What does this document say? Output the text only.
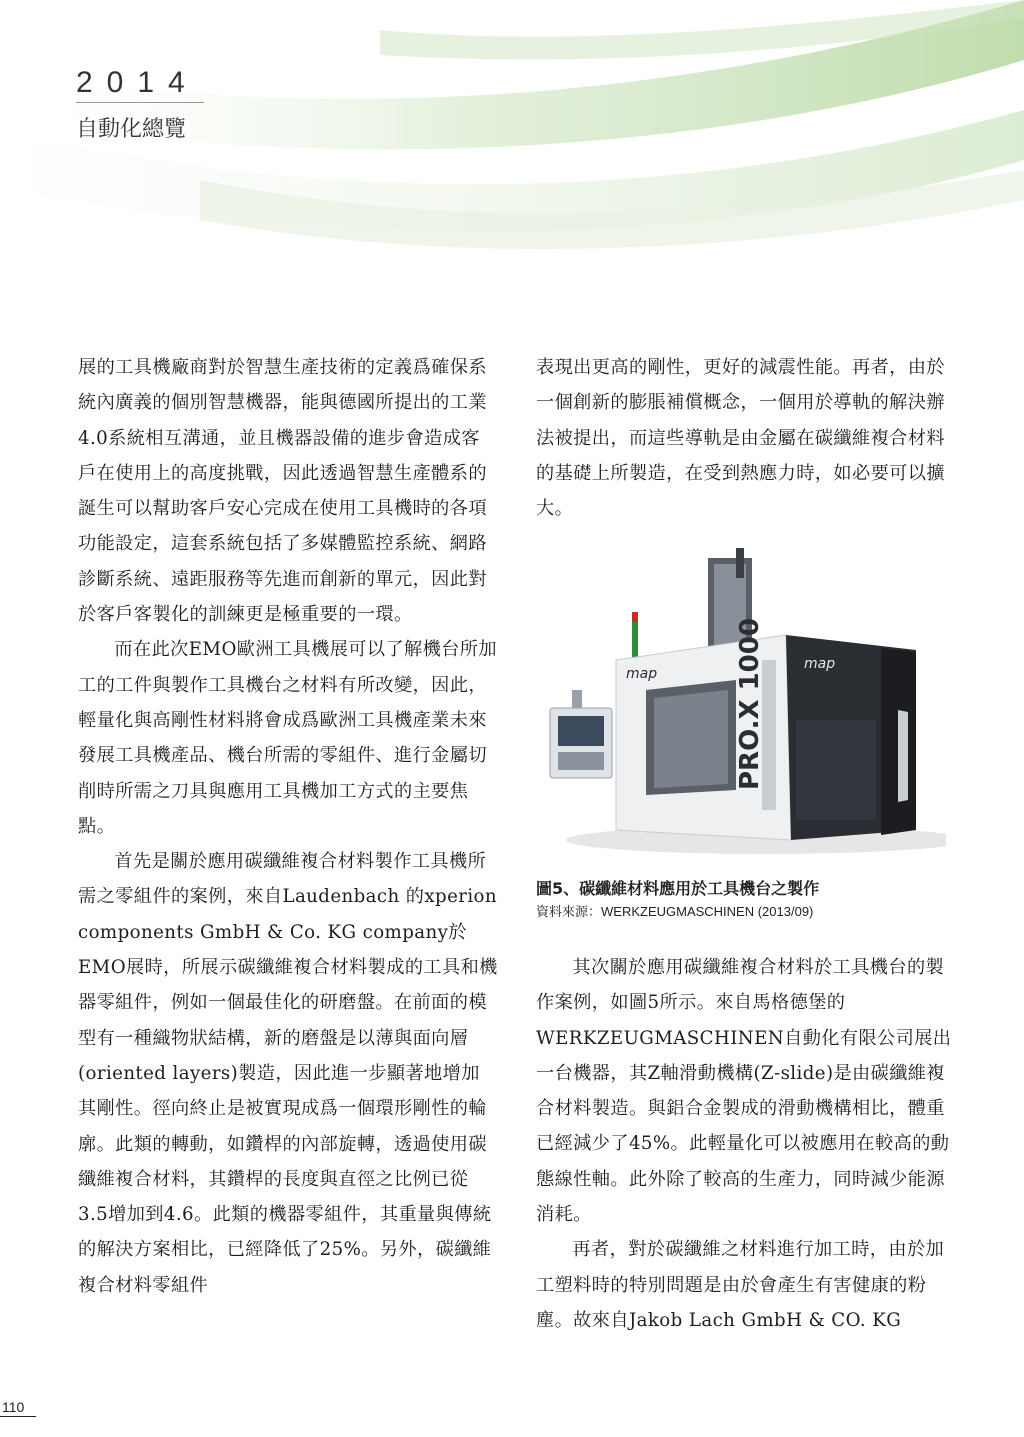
2014
自動化總覽

展的工具機廠商對於智慧生產技術的定義爲確保系統內廣義的個別智慧機器，能與德國所提出的工業4.0系統相互溝通，並且機器設備的進步會造成客戶在使用上的高度挑戰，因此透過智慧生產體系的誕生可以幫助客戶安心完成在使用工具機時的各項功能設定，這套系統包括了多媒體監控系統、網路診斷系統、遠距服務等先進而創新的單元，因此對於客戶客製化的訓練更是極重要的一環。

而在此次EMO歐洲工具機展可以了解機台所加工的工件與製作工具機台之材料有所改變，因此，輕量化與高剛性材料將會成爲歐洲工具機產業未來發展工具機產品、機台所需的零組件、進行金屬切削時所需之刀具與應用工具機加工方式的主要焦點。

首先是關於應用碳纖維複合材料製作工具機所需之零組件的案例，來自Laudenbach 的xperion components GmbH & Co. KG company於EMO展時，所展示碳纖維複合材料製成的工具和機器零組件，例如一個最佳化的研磨盤。在前面的模型有一種織物狀結構，新的磨盤是以薄與面向層(oriented layers)製造，因此進一步顯著地增加其剛性。徑向終止是被實現成爲一個環形剛性的輪廓。此類的轉動，如鑽桿的內部旋轉，透過使用碳纖維複合材料，其鑽桿的長度與直徑之比例已從3.5增加到4.6。此類的機器零組件，其重量與傳統的解決方案相比，已經降低了25%。另外，碳纖維複合材料零組件

表現出更高的剛性，更好的減震性能。再者，由於一個創新的膨脹補償概念，一個用於導軌的解決辦法被提出，而這些導軌是由金屬在碳纖維複合材料的基礎上所製造，在受到熱應力時，如必要可以擴大。

map
map
PRO.X 1000
圖5、碳纖維材料應用於工具機台之製作
資料來源：WERKZEUGMASCHINEN (2013/09)

其次關於應用碳纖維複合材料於工具機台的製作案例，如圖5所示。來自馬格德堡的WERKZEUGMASCHINEN自動化有限公司展出一台機器，其Z軸滑動機構(Z-slide)是由碳纖維複合材料製造。與鋁合金製成的滑動機構相比，體重已經減少了45%。此輕量化可以被應用在較高的動態線性軸。此外除了較高的生產力，同時減少能源消耗。

再者，對於碳纖維之材料進行加工時，由於加工塑料時的特別問題是由於會產生有害健康的粉塵。故來自Jakob Lach GmbH & CO. KG

110
